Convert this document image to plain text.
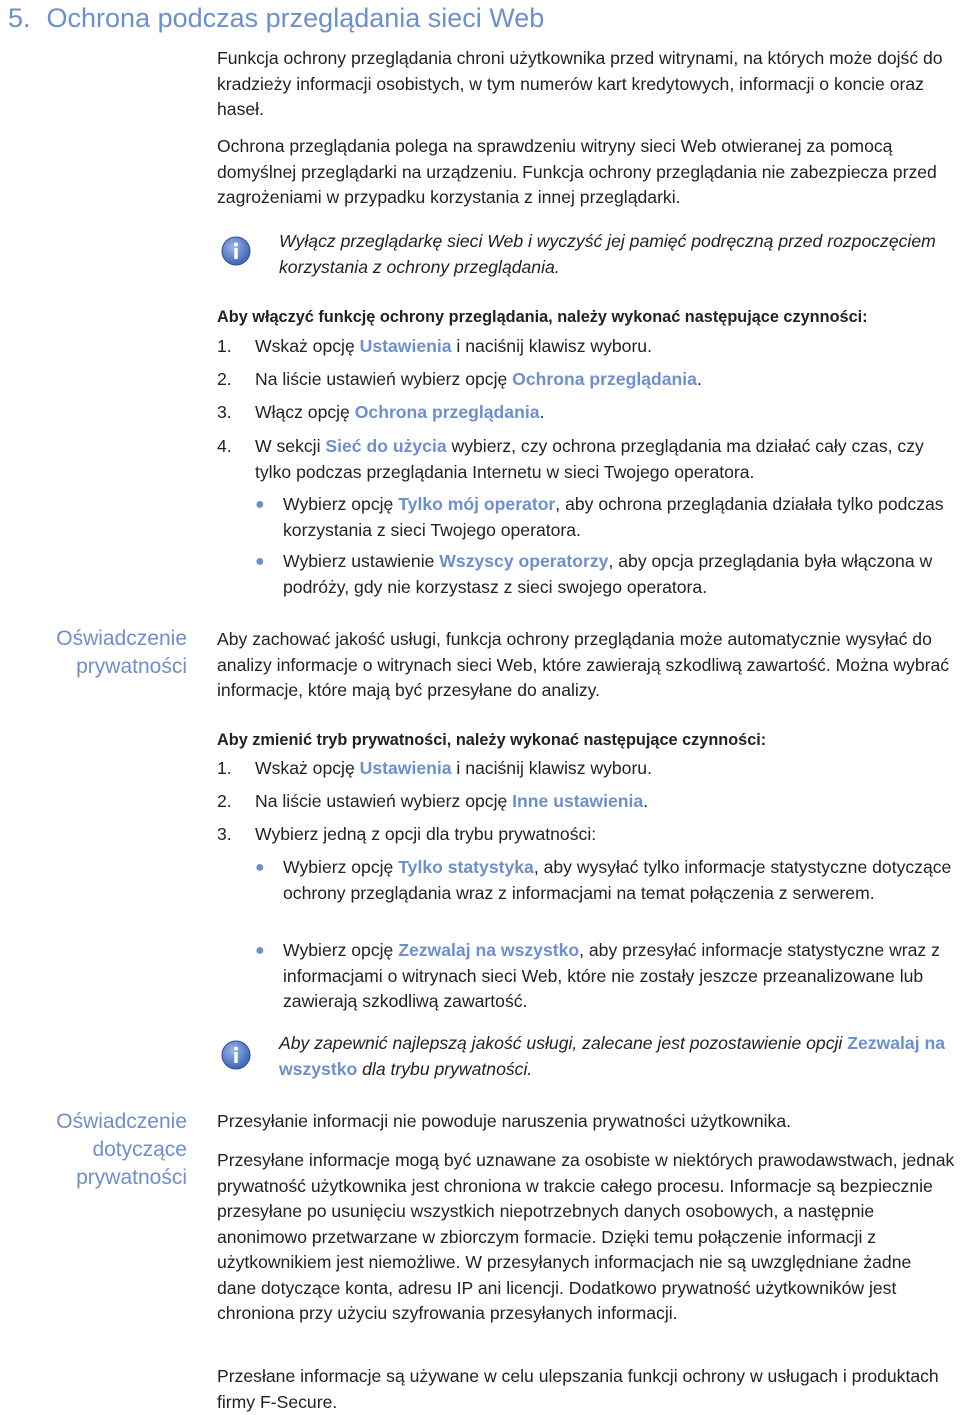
5. Ochrona podczas przeglądania sieci Web
Funkcja ochrony przeglądania chroni użytkownika przed witrynami, na których może dojść do kradzieży informacji osobistych, w tym numerów kart kredytowych, informacji o koncie oraz haseł.
Ochrona przeglądania polega na sprawdzeniu witryny sieci Web otwieranej za pomocą domyślnej przeglądarki na urządzeniu. Funkcja ochrony przeglądania nie zabezpiecza przed zagrożeniami w przypadku korzystania z innej przeglądarki.
Wyłącz przeglądarkę sieci Web i wyczyść jej pamięć podręczną przed rozpoczęciem korzystania z ochrony przeglądania.
Aby włączyć funkcję ochrony przeglądania, należy wykonać następujące czynności:
1.	Wskaż opcję Ustawienia i naciśnij klawisz wyboru.
2.	Na liście ustawień wybierz opcję Ochrona przeglądania.
3.	Włącz opcję Ochrona przeglądania.
4.	W sekcji Sieć do użycia wybierz, czy ochrona przeglądania ma działać cały czas, czy tylko podczas przeglądania Internetu w sieci Twojego operatora.
● Wybierz opcję Tylko mój operator, aby ochrona przeglądania działała tylko podczas korzystania z sieci Twojego operatora.
● Wybierz ustawienie Wszyscy operatorzy, aby opcja przeglądania była włączona w podróży, gdy nie korzystasz z sieci swojego operatora.
Oświadczenie prywatności
Aby zachować jakość usługi, funkcja ochrony przeglądania może automatycznie wysyłać do analizy informacje o witrynach sieci Web, które zawierają szkodliwą zawartość. Można wybrać informacje, które mają być przesyłane do analizy.
Aby zmienić tryb prywatności, należy wykonać następujące czynności:
1.	Wskaż opcję Ustawienia i naciśnij klawisz wyboru.
2.	Na liście ustawień wybierz opcję Inne ustawienia.
3.	Wybierz jedną z opcji dla trybu prywatności:
● Wybierz opcję Tylko statystyka, aby wysyłać tylko informacje statystyczne dotyczące ochrony przeglądania wraz z informacjami na temat połączenia z serwerem.
● Wybierz opcję Zezwalaj na wszystko, aby przesyłać informacje statystyczne wraz z informacjami o witrynach sieci Web, które nie zostały jeszcze przeanalizowane lub zawierają szkodliwą zawartość.
Aby zapewnić najlepszą jakość usługi, zalecane jest pozostawienie opcji Zezwalaj na wszystko dla trybu prywatności.
Oświadczenie dotyczące prywatności
Przesyłanie informacji nie powoduje naruszenia prywatności użytkownika.
Przesyłane informacje mogą być uznawane za osobiste w niektórych prawodawstwach, jednak prywatność użytkownika jest chroniona w trakcie całego procesu. Informacje są bezpiecznie przesyłane po usunięciu wszystkich niepotrzebnych danych osobowych, a następnie anonimowo przetwarzane w zbiorczym formacie. Dzięki temu połączenie informacji z użytkownikiem jest niemożliwe. W przesyłanych informacjach nie są uwzględniane żadne dane dotyczące konta, adresu IP ani licencji. Dodatkowo prywatność użytkowników jest chroniona przy użyciu szyfrowania przesyłanych informacji.
Przesłane informacje są używane w celu ulepszania funkcji ochrony w usługach i produktach firmy F-Secure.
